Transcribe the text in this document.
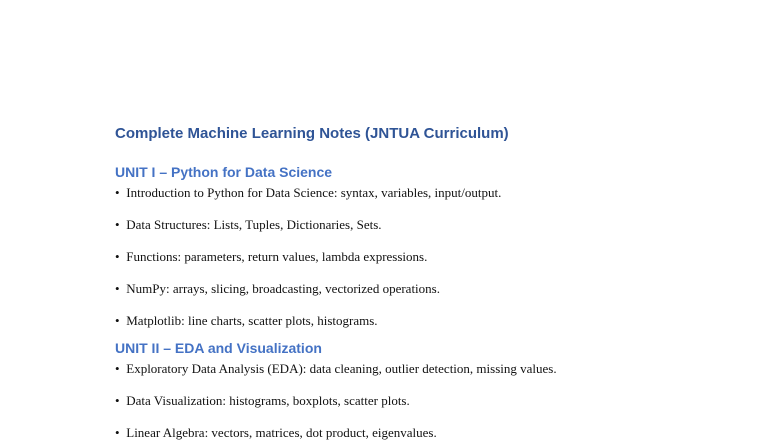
Complete Machine Learning Notes (JNTUA Curriculum)
UNIT I – Python for Data Science
• Introduction to Python for Data Science: syntax, variables, input/output.
• Data Structures: Lists, Tuples, Dictionaries, Sets.
• Functions: parameters, return values, lambda expressions.
• NumPy: arrays, slicing, broadcasting, vectorized operations.
• Matplotlib: line charts, scatter plots, histograms.
UNIT II – EDA and Visualization
• Exploratory Data Analysis (EDA): data cleaning, outlier detection, missing values.
• Data Visualization: histograms, boxplots, scatter plots.
• Linear Algebra: vectors, matrices, dot product, eigenvalues.
